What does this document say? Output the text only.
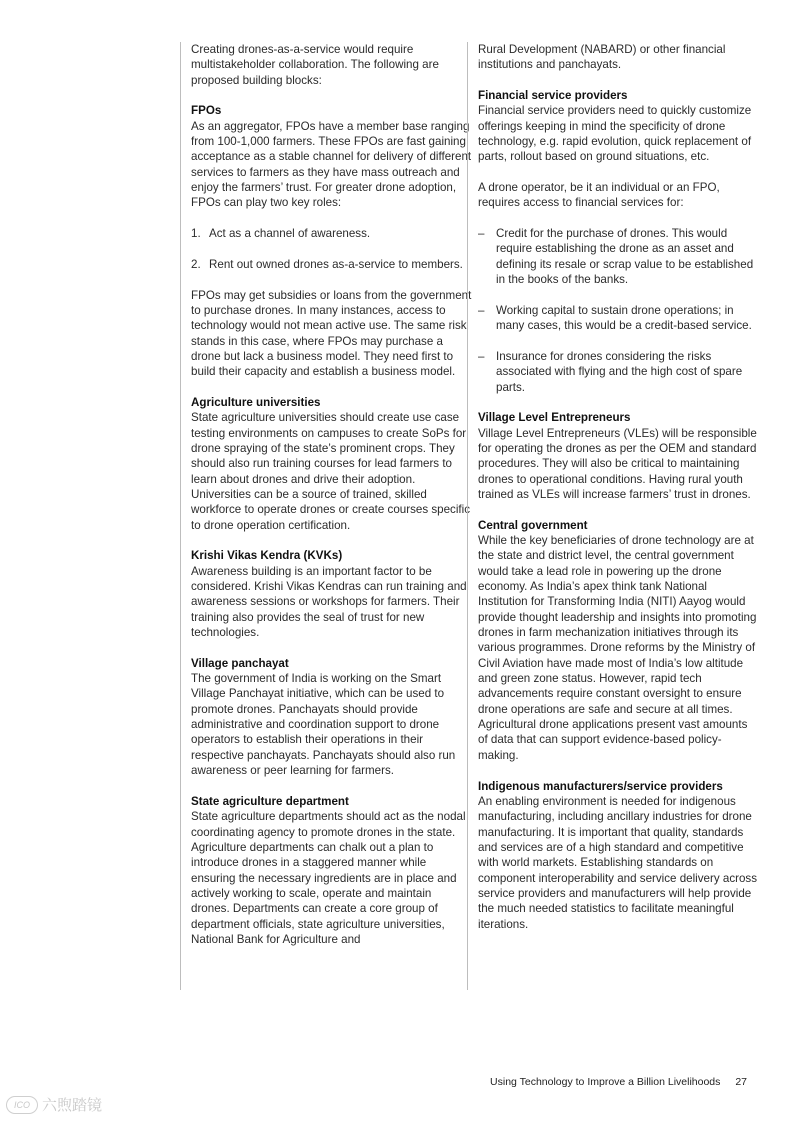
Creating drones-as-a-service would require multistakeholder collaboration. The following are proposed building blocks:

FPOs

As an aggregator, FPOs have a member base ranging from 100-1,000 farmers. These FPOs are fast gaining acceptance as a stable channel for delivery of different services to farmers as they have mass outreach and enjoy the farmers’ trust. For greater drone adoption, FPOs can play two key roles:

1. Act as a channel of awareness.
2. Rent out owned drones as-a-service to members.

FPOs may get subsidies or loans from the government to purchase drones. In many instances, access to technology would not mean active use. The same risk stands in this case, where FPOs may purchase a drone but lack a business model. They need first to build their capacity and establish a business model.

Agriculture universities

State agriculture universities should create use case testing environments on campuses to create SoPs for drone spraying of the state’s prominent crops. They should also run training courses for lead farmers to learn about drones and drive their adoption. Universities can be a source of trained, skilled workforce to operate drones or create courses specific to drone operation certification.

Krishi Vikas Kendra (KVKs)

Awareness building is an important factor to be considered. Krishi Vikas Kendras can run training and awareness sessions or workshops for farmers. Their training also provides the seal of trust for new technologies.

Village panchayat

The government of India is working on the Smart Village Panchayat initiative, which can be used to promote drones. Panchayats should provide administrative and coordination support to drone operators to establish their operations in their respective panchayats. Panchayats should also run awareness or peer learning for farmers.

State agriculture department

State agriculture departments should act as the nodal coordinating agency to promote drones in the state. Agriculture departments can chalk out a plan to introduce drones in a staggered manner while ensuring the necessary ingredients are in place and actively working to scale, operate and maintain drones. Departments can create a core group of department officials, state agriculture universities, National Bank for Agriculture and

Rural Development (NABARD) or other financial institutions and panchayats.

Financial service providers

Financial service providers need to quickly customize offerings keeping in mind the specificity of drone technology, e.g. rapid evolution, quick replacement of parts, rollout based on ground situations, etc.

A drone operator, be it an individual or an FPO, requires access to financial services for:

– Credit for the purchase of drones. This would require establishing the drone as an asset and defining its resale or scrap value to be established in the books of the banks.
– Working capital to sustain drone operations; in many cases, this would be a credit-based service.
– Insurance for drones considering the risks associated with flying and the high cost of spare parts.
Village Level Entrepreneurs

Village Level Entrepreneurs (VLEs) will be responsible for operating the drones as per the OEM and standard procedures. They will also be critical to maintaining drones to operational conditions. Having rural youth trained as VLEs will increase farmers’ trust in drones.

Central government

While the key beneficiaries of drone technology are at the state and district level, the central government would take a lead role in powering up the drone economy. As India’s apex think tank National Institution for Transforming India (NITI) Aayog would provide thought leadership and insights into promoting drones in farm mechanization initiatives through its various programmes. Drone reforms by the Ministry of Civil Aviation have made most of India’s low altitude and green zone status. However, rapid tech advancements require constant oversight to ensure drone operations are safe and secure at all times. Agricultural drone applications present vast amounts of data that can support evidence-based policy-making.

Indigenous manufacturers/service providers

An enabling environment is needed for indigenous manufacturing, including ancillary industries for drone manufacturing. It is important that quality, standards and services are of a high standard and competitive with world markets. Establishing standards on component interoperability and service delivery across service providers and manufacturers will help provide the much needed statistics to facilitate meaningful iterations.

Using Technology to Improve a Billion Livelihoods 27
ICO 六煦踏镜
